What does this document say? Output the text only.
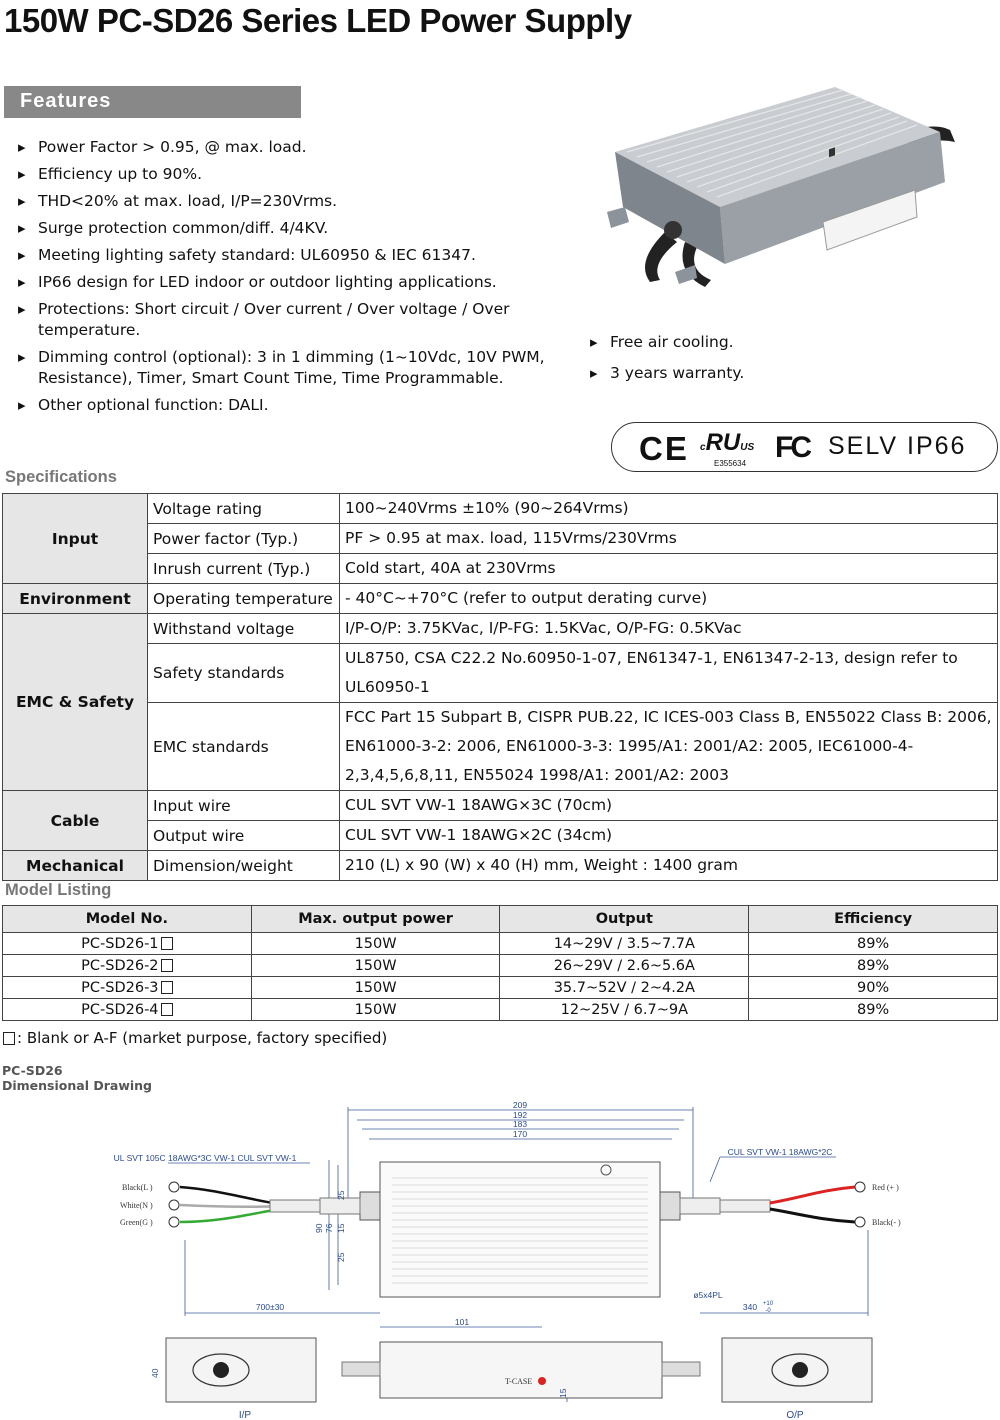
150W PC-SD26 Series LED Power Supply
Features
▸ Power Factor > 0.95, @ max. load.
▸ Efficiency up to 90%.
▸ THD<20% at max. load, I/P=230Vrms.
▸ Surge protection common/diff. 4/4KV.
▸ Meeting lighting safety standard: UL60950 & IEC 61347.
▸ IP66 design for LED indoor or outdoor lighting applications.
▸ Protections: Short circuit / Over current / Over voltage / Over temperature.
▸ Dimming control (optional): 3 in 1 dimming (1~10Vdc, 10V PWM, Resistance), Timer, Smart Count Time, Time Programmable.
▸ Other optional function: DALI.
▸ Free air cooling.
▸ 3 years warranty.
CE cRUUS
E355634 FC SELV IP66
Specifications
Input	Voltage rating	100~240Vrms ±10% (90~264Vrms)
	Power factor (Typ.)	PF > 0.95 at max. load, 115Vrms/230Vrms
	Inrush current (Typ.)	Cold start, 40A at 230Vrms
Environment	Operating temperature	- 40°C~+70°C (refer to output derating curve)
EMC & Safety	Withstand voltage	I/P-O/P: 3.75KVac, I/P-FG: 1.5KVac, O/P-FG: 0.5KVac
	Safety standards	UL8750, CSA C22.2 No.60950-1-07, EN61347-1, EN61347-2-13, design refer to UL60950-1
	EMC standards	FCC Part 15 Subpart B, CISPR PUB.22, IC ICES-003 Class B, EN55022 Class B: 2006, EN61000-3-2: 2006, EN61000-3-3: 1995/A1: 2001/A2: 2005, IEC61000-4-2,3,4,5,6,8,11, EN55024 1998/A1: 2001/A2: 2003
Cable	Input wire	CUL SVT VW-1 18AWG×3C (70cm)
	Output wire	CUL SVT VW-1 18AWG×2C (34cm)
Mechanical	Dimension/weight	210 (L) x 90 (W) x 40 (H) mm, Weight : 1400 gram
Model Listing
Model No.	Max. output power	Output	Efficiency
PC-SD26-1	150W	14~29V / 3.5~7.7A	89%
PC-SD26-2	150W	26~29V / 2.6~5.6A	89%
PC-SD26-3	150W	35.7~52V / 2~4.2A	90%
PC-SD26-4	150W	12~25V / 6.7~9A	89%
: Blank or A-F (market purpose, factory specified)
PC-SD26
Dimensional Drawing
209
192
183
170
UL SVT 105C 18AWG*3C VW-1 CUL SVT VW-1
CUL SVT VW-1 18AWG*2C
700±30	340 +10
-0
ø5x4PL
101
I/P	O/P
90 76
25
15
25
40
15
Black(L )
White(N )
Green(G )
Red (+ )
Black(- )
T-CASE
